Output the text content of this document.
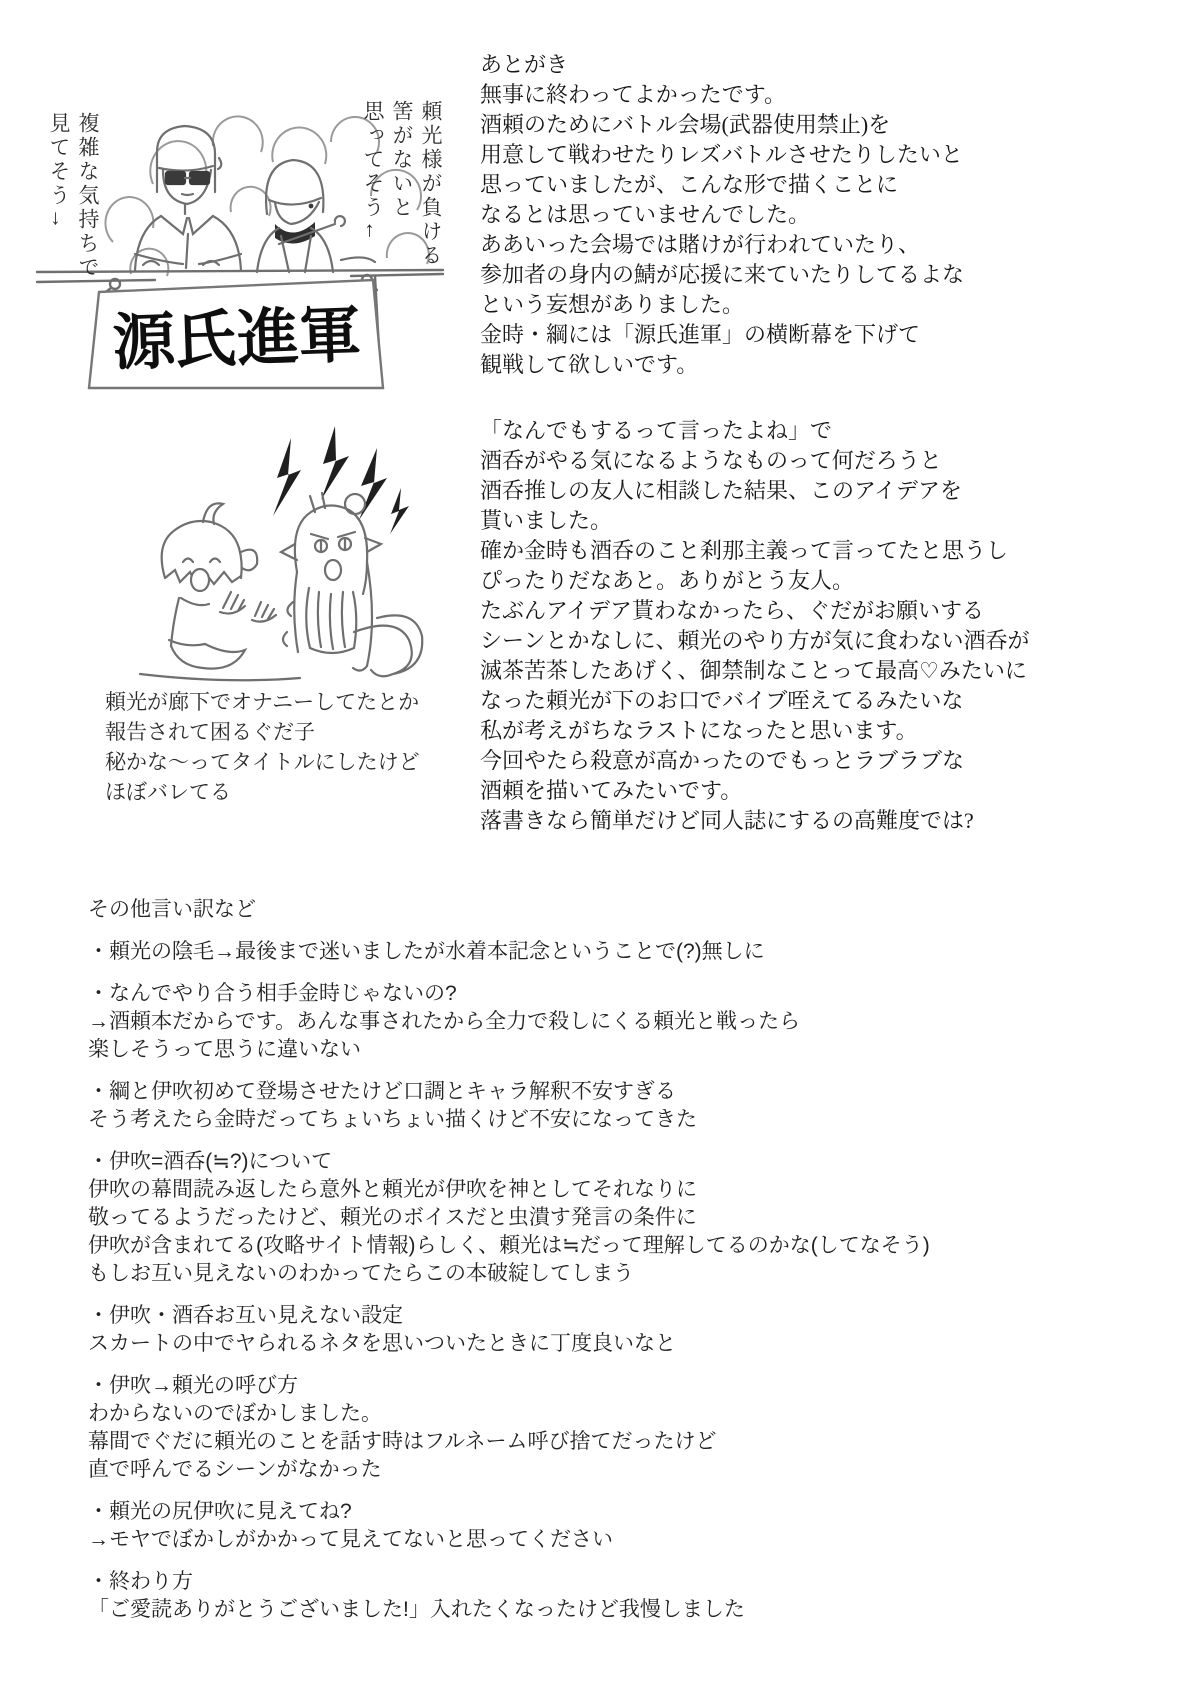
源氏進軍
複雑な気持ちで
見てそう→	頼光様が負ける
筈がないと
思ってそう←
あとがき
無事に終わってよかったです。
酒頼のためにバトル会場(武器使用禁止)を
用意して戦わせたりレズバトルさせたりしたいと
思っていましたが、こんな形で描くことに
なるとは思っていませんでした。
ああいった会場では賭けが行われていたり、
参加者の身内の鯖が応援に来ていたりしてるよな
という妄想がありました。
金時・綱には「源氏進軍」の横断幕を下げて
観戦して欲しいです。
「なんでもするって言ったよね」で
酒呑がやる気になるようなものって何だろうと
酒呑推しの友人に相談した結果、このアイデアを
貰いました。
確か金時も酒呑のこと刹那主義って言ってたと思うし
ぴったりだなあと。ありがとう友人。
たぶんアイデア貰わなかったら、ぐだがお願いする
シーンとかなしに、頼光のやり方が気に食わない酒呑が
滅茶苦茶したあげく、御禁制なことって最高♡みたいに
なった頼光が下のお口でバイブ咥えてるみたいな
私が考えがちなラストになったと思います。
今回やたら殺意が高かったのでもっとラブラブな
酒頼を描いてみたいです。
落書きなら簡単だけど同人誌にするの高難度では?
頼光が廊下でオナニーしてたとか
報告されて困るぐだ子
秘かな〜ってタイトルにしたけど
ほぼバレてる
その他言い訳など
・頼光の陰毛→最後まで迷いましたが水着本記念ということで(?)無しに
・なんでやり合う相手金時じゃないの?
→酒頼本だからです。あんな事されたから全力で殺しにくる頼光と戦ったら
楽しそうって思うに違いない
・綱と伊吹初めて登場させたけど口調とキャラ解釈不安すぎる
そう考えたら金時だってちょいちょい描くけど不安になってきた
・伊吹=酒呑(≒?)について
伊吹の幕間読み返したら意外と頼光が伊吹を神としてそれなりに
敬ってるようだったけど、頼光のボイスだと虫潰す発言の条件に
伊吹が含まれてる(攻略サイト情報)らしく、頼光は≒だって理解してるのかな(してなそう)
もしお互い見えないのわかってたらこの本破綻してしまう
・伊吹・酒呑お互い見えない設定
スカートの中でヤられるネタを思いついたときに丁度良いなと
・伊吹→頼光の呼び方
わからないのでぼかしました。
幕間でぐだに頼光のことを話す時はフルネーム呼び捨てだったけど
直で呼んでるシーンがなかった
・頼光の尻伊吹に見えてね?
→モヤでぼかしがかかって見えてないと思ってください
・終わり方
「ご愛読ありがとうございました!」入れたくなったけど我慢しました
